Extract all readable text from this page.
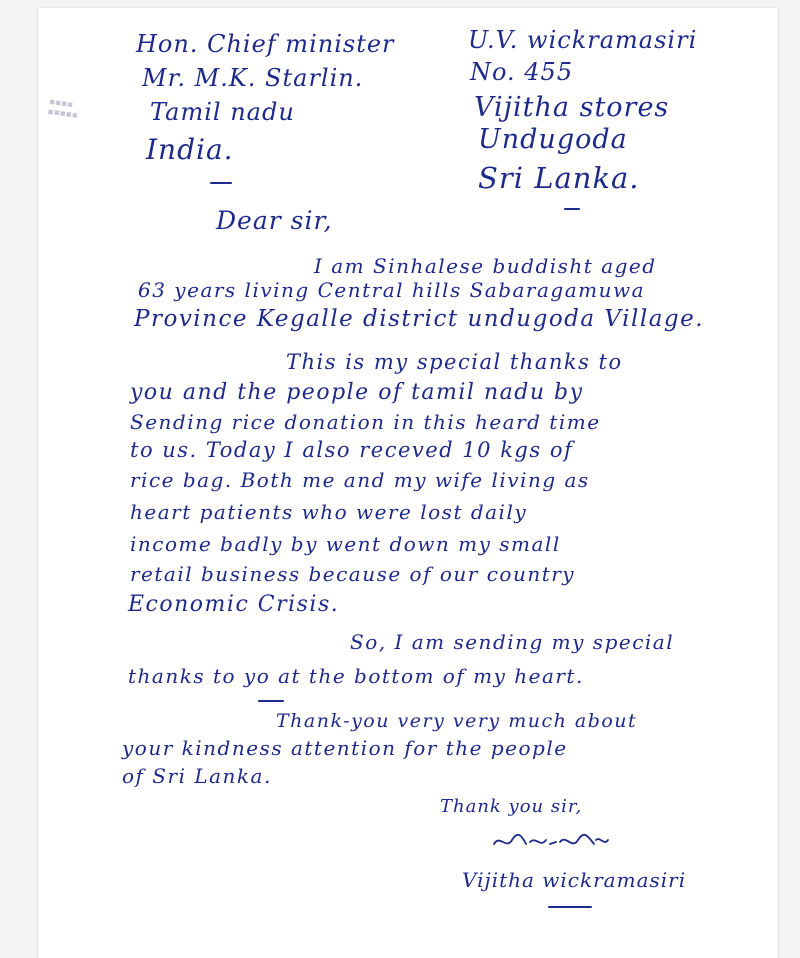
▪▪▪▪
▪▪▪▪▪
Hon. Chief minister
Mr. M.K. Starlin.
Tamil nadu
India.
U.V. wickramasiri
No. 455
Vijitha stores
Undugoda
Sri Lanka.
Dear sir,
I am Sinhalese buddisht aged
63 years living Central hills Sabaragamuwa
Province Kegalle district undugoda Village.
This is my special thanks to
you and the people of tamil nadu by
Sending rice donation in this heard time
to us. Today I also receved 10 kgs of
rice bag. Both me and my wife living as
heart patients who were lost daily
income badly by went down my small
retail business because of our country
Economic Crisis.
So, I am sending my special
thanks to yo at the bottom of my heart.
Thank-you very very much about
your kindness attention for the people
of Sri Lanka.
Thank you sir,
Vijitha wickramasiri
